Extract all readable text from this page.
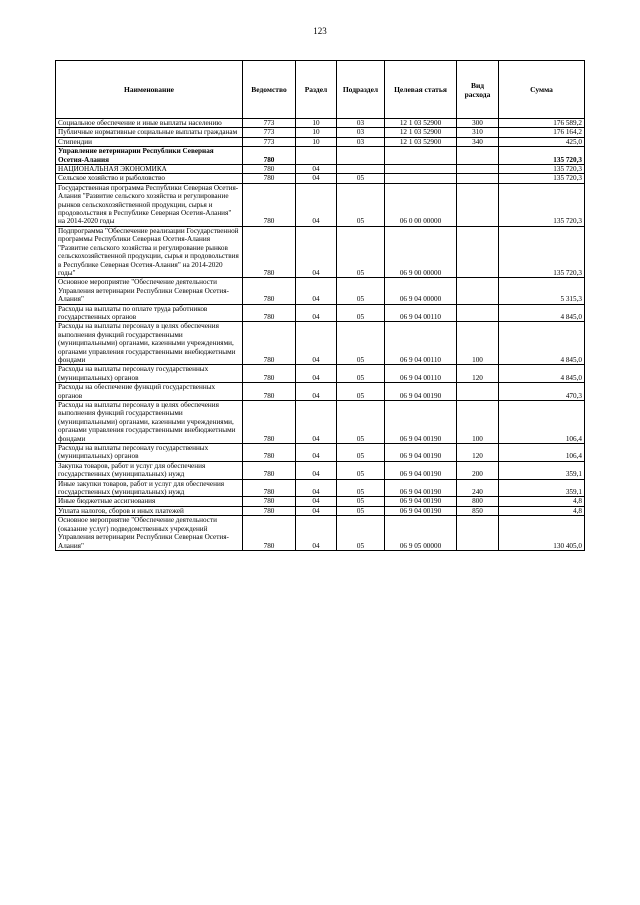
123
Наименование	Ведомство	Раздел	Подраздел	Целевая статья	Вид расхода	Сумма
Социальное обеспечение и иные выплаты населению	773	10	03	12 1 03 52900	300	176 589,2
Публичные нормативные социальные выплаты гражданам	773	10	03	12 1 03 52900	310	176 164,2
Стипендии	773	10	03	12 1 03 52900	340	425,0
Управление ветеринарии Республики Северная Осетия-Алания	780					135 720,3
НАЦИОНАЛЬНАЯ ЭКОНОМИКА	780	04				135 720,3
Сельское хозяйство и рыболовство	780	04	05			135 720,3
Государственная программа Республики Северная Осетия-Алания "Развитие сельского хозяйства и регулирование рынков сельскохозяйственной продукции, сырья и продовольствия в Республике Северная Осетия-Алания" на 2014-2020 годы	780	04	05	06 0 00 00000		135 720,3
Подпрограмма "Обеспечение реализации Государственной программы Республики Северная Осетия-Алания "Развитие сельского хозяйства и регулирование рынков сельскохозяйственной продукции, сырья и продовольствия в Республике Северная Осетия-Алания" на 2014-2020 годы"	780	04	05	06 9 00 00000		135 720,3
Основное мероприятие "Обеспечение деятельности Управления ветеринарии Республики Северная Осетия-Алания"	780	04	05	06 9 04 00000		5 315,3
Расходы на выплаты по оплате труда работников государственных органов	780	04	05	06 9 04 00110		4 845,0
Расходы на выплаты персоналу в целях обеспечения выполнения функций государственными (муниципальными) органами, казенными учреждениями, органами управления государственными внебюджетными фондами	780	04	05	06 9 04 00110	100	4 845,0
Расходы на выплаты персоналу государственных (муниципальных) органов	780	04	05	06 9 04 00110	120	4 845,0
Расходы на обеспечение функций государственных органов	780	04	05	06 9 04 00190		470,3
Расходы на выплаты персоналу в целях обеспечения выполнения функций государственными (муниципальными) органами, казенными учреждениями, органами управления государственными внебюджетными фондами	780	04	05	06 9 04 00190	100	106,4
Расходы на выплаты персоналу государственных (муниципальных) органов	780	04	05	06 9 04 00190	120	106,4
Закупка товаров, работ и услуг для обеспечения государственных (муниципальных) нужд	780	04	05	06 9 04 00190	200	359,1
Иные закупки товаров, работ и услуг для обеспечения государственных (муниципальных) нужд	780	04	05	06 9 04 00190	240	359,1
Иные бюджетные ассигнования	780	04	05	06 9 04 00190	800	4,8
Уплата налогов, сборов и иных платежей	780	04	05	06 9 04 00190	850	4,8
Основное мероприятие "Обеспечение деятельности (оказание услуг) подведомственных учреждений Управления ветеринарии Республики Северная Осетия-Алания"	780	04	05	06 9 05 00000		130 405,0
